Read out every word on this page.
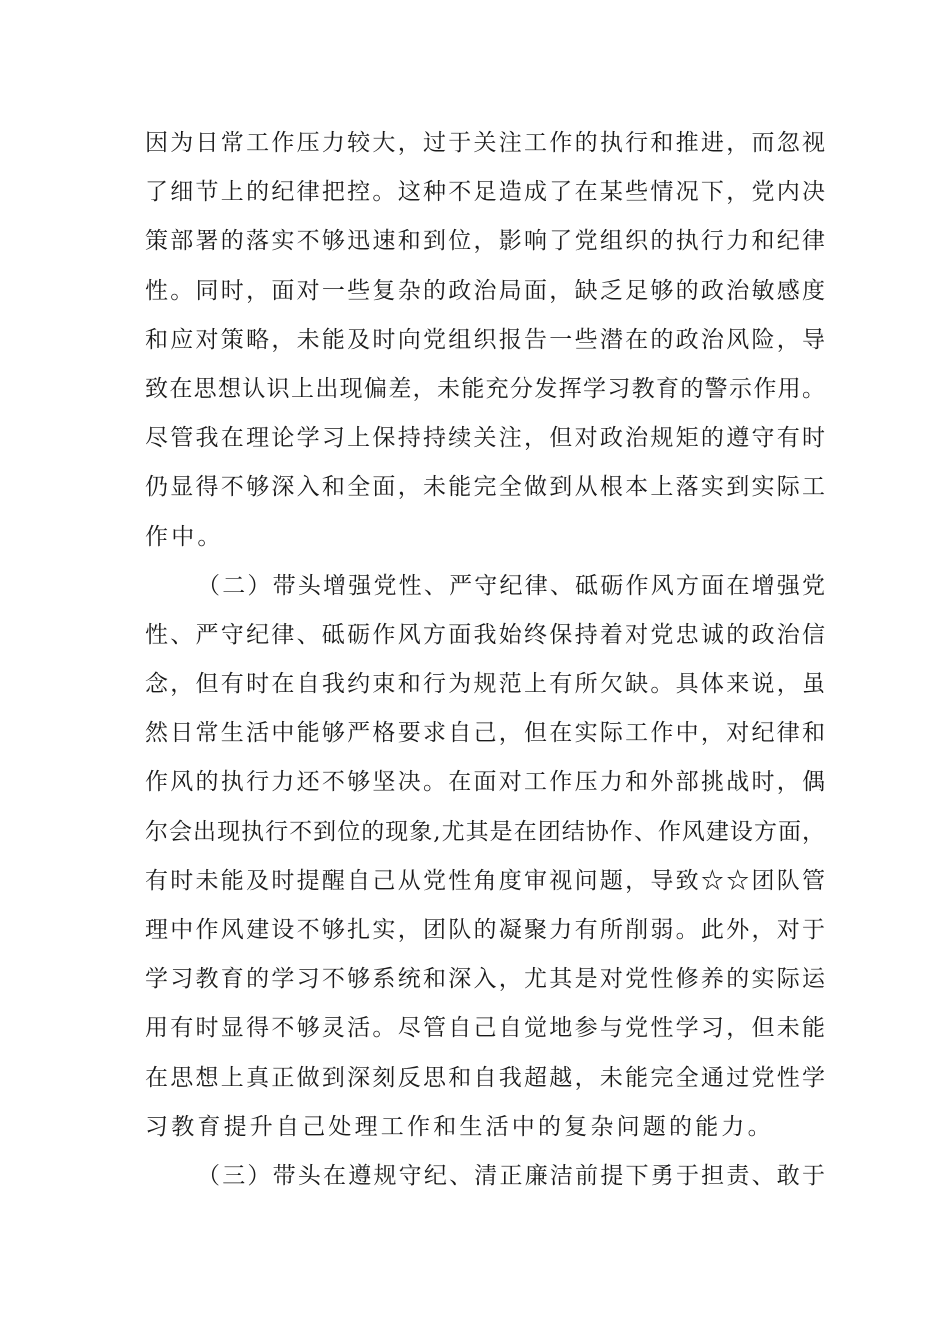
因为日常工作压力较大，过于关注工作的执行和推进，而忽视
了细节上的纪律把控。这种不足造成了在某些情况下，党内决
策部署的落实不够迅速和到位，影响了党组织的执行力和纪律
性。同时，面对一些复杂的政治局面，缺乏足够的政治敏感度
和应对策略，未能及时向党组织报告一些潜在的政治风险，导
致在思想认识上出现偏差，未能充分发挥学习教育的警示作用。
尽管我在理论学习上保持持续关注，但对政治规矩的遵守有时
仍显得不够深入和全面，未能完全做到从根本上落实到实际工
作中。
（二）带头增强党性、严守纪律、砥砺作风方面在增强党
性、严守纪律、砥砺作风方面我始终保持着对党忠诚的政治信
念，但有时在自我约束和行为规范上有所欠缺。具体来说，虽
然日常生活中能够严格要求自己，但在实际工作中，对纪律和
作风的执行力还不够坚决。在面对工作压力和外部挑战时，偶
尔会出现执行不到位的现象,尤其是在团结协作、作风建设方面，
有时未能及时提醒自己从党性角度审视问题，导致☆☆团队管
理中作风建设不够扎实，团队的凝聚力有所削弱。此外，对于
学习教育的学习不够系统和深入，尤其是对党性修养的实际运
用有时显得不够灵活。尽管自己自觉地参与党性学习，但未能
在思想上真正做到深刻反思和自我超越，未能完全通过党性学
习教育提升自己处理工作和生活中的复杂问题的能力。
（三）带头在遵规守纪、清正廉洁前提下勇于担责、敢于
